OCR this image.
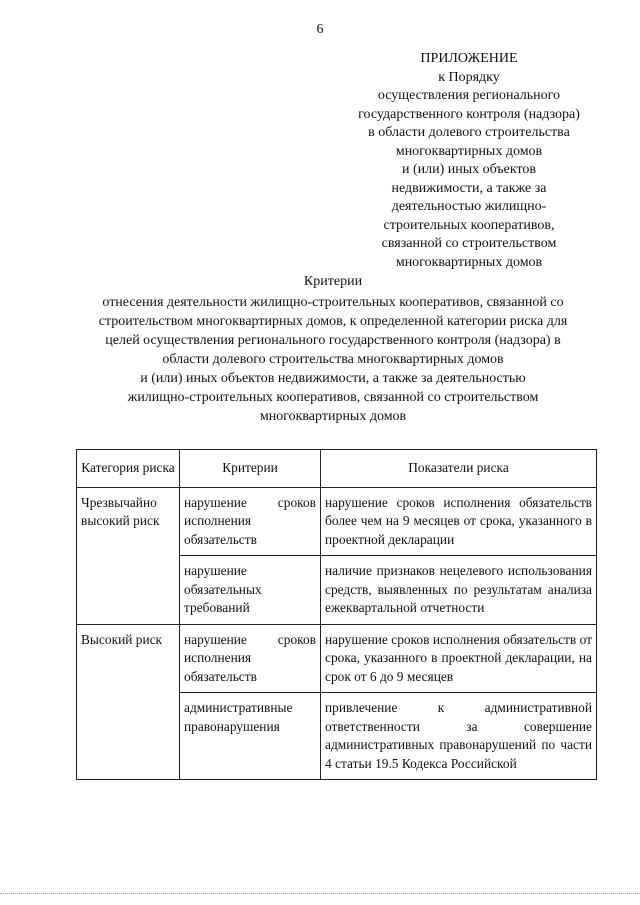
6
ПРИЛОЖЕНИЕ
к Порядку
осуществления регионального
государственного контроля (надзора)
в области долевого строительства
многоквартирных домов
и (или) иных объектов
недвижимости, а также за
деятельностью жилищно-
строительных кооперативов,
связанной со строительством
многоквартирных домов
Критерии
отнесения деятельности жилищно-строительных кооперативов, связанной со
строительством многоквартирных домов, к определенной категории риска для
целей осуществления регионального государственного контроля (надзора) в
области долевого строительства многоквартирных домов
и (или) иных объектов недвижимости, а также за деятельностью
жилищно-строительных кооперативов, связанной со строительством
многоквартирных домов
Категория риска	Критерии	Показатели риска
Чрезвычайно высокий риск	нарушение сроков исполнения обязательств	нарушение сроков исполнения обязательств более чем на 9 месяцев от срока, указанного в проектной декларации
	нарушение обязательных требований	наличие признаков нецелевого использования средств, выявленных по результатам анализа ежеквартальной отчетности
Высокий риск	нарушение сроков исполнения обязательств	нарушение сроков исполнения обязательств от срока, указанного в проектной декларации, на срок от 6 до 9 месяцев
	административные правонарушения	привлечение к административной ответственности за совершение административных правонарушений по части 4 статьи 19.5 Кодекса Российской
